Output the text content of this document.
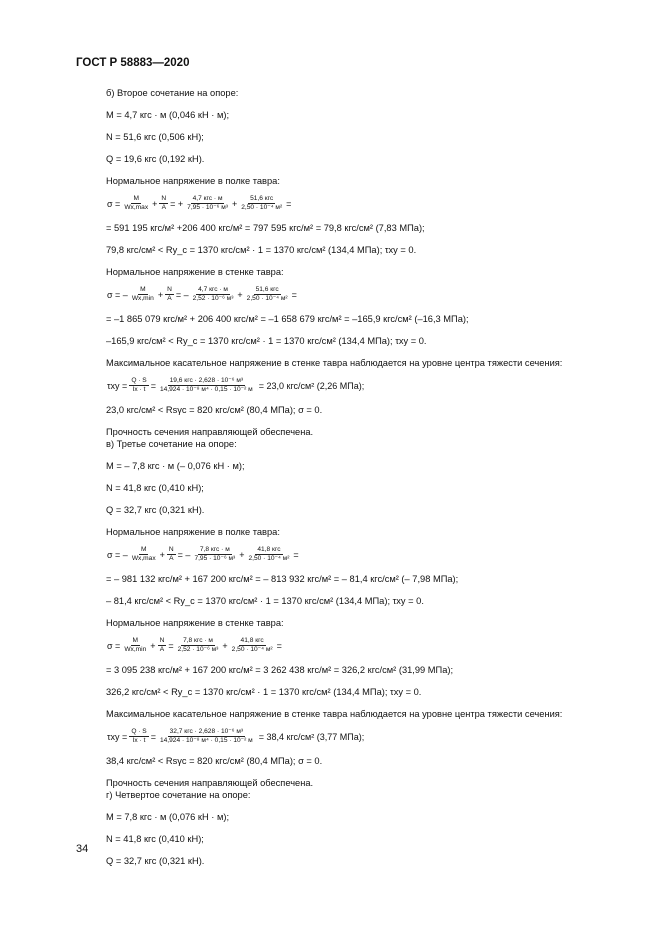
ГОСТ Р 58883—2020
б) Второе сочетание на опоре:
M = 4,7 кгс · м (0,046 кН · м);
N = 51,6 кгс (0,506 кН);
Q = 19,6 кгс (0,192 кН).
Нормальное напряжение в полке тавра:
$\sigma = \frac{M}{Wx,\max} + \frac{N}{A}$ = + $\frac{\text{4,7 кгс · м}}{\text{7,95 · 10⁻⁶ м³}} + \frac{\text{51,6 кгс}}{\text{2,50 · 10⁻⁴ м²}}$ =
= 591 195 кгс/м² +206 400 кгс/м² = 797 595 кгс/м² = 79,8 кгс/см² (7,83 МПа);
79,8 кгс/см² < Ry_c = 1370 кгс/см² · 1 = 1370 кгс/см² (134,4 МПа); τxy = 0.
Нормальное напряжение в стенке тавра:
σ = – $\frac{M}{Wx,\min} + \frac{N}{A}$ = – $\frac{\text{4,7 кгс · м}}{\text{2,52 · 10⁻⁶ м³}} + \frac{\text{51,6 кгс}}{\text{2,50 · 10⁻⁴ м²}}$ =
= –1 865 079 кгс/м² + 206 400 кгс/м² = –1 658 679 кгс/м² = –165,9 кгс/см² (–16,3 МПа);
–165,9 кгс/см² < Ry_c = 1370 кгс/см² · 1 = 1370 кгс/см² (134,4 МПа); τxy = 0.
Максимальное касательное напряжение в стенке тавра наблюдается на уровне центра тяжести сечения:
$\tau xy = \frac{Q \cdot S}{Ix \cdot t} = \frac{\text{19,6 кгс · 2,628 · 10⁻⁶ м³}}{\text{14,924 · 10⁻⁸ м⁴ · 0,15 · 10⁻² м}} = 23,0$ кгс/см² (2,26 МПа);
23,0 кгс/см² < Rsγc = 820 кгс/см² (80,4 МПа); σ = 0.
Прочность сечения направляющей обеспечена.
в) Третье сочетание на опоре:
M = – 7,8 кгс · м (– 0,076 кН · м);
N = 41,8 кгс (0,410 кН);
Q = 32,7 кгс (0,321 кН).
Нормальное напряжение в полке тавра:
σ = – $\frac{M}{Wx,\max} + \frac{N}{A}$ = – $\frac{\text{7,8 кгс · м}}{\text{7,95 · 10⁻⁶ м³}} + \frac{\text{41,8 кгс}}{\text{2,50 · 10⁻⁴ м²}}$ =
= – 981 132 кгс/м² + 167 200 кгс/м² = – 813 932 кгс/м² = – 81,4 кгс/см² (– 7,98 МПа);
– 81,4 кгс/см² < Ry_c = 1370 кгс/см² · 1 = 1370 кгс/см² (134,4 МПа); τxy = 0.
Нормальное напряжение в стенке тавра:
$\sigma = \frac{M}{Wx,\min} + \frac{N}{A} = \frac{\text{7,8 кгс · м}}{\text{2,52 · 10⁻⁶ м³}} + \frac{\text{41,8 кгс}}{\text{2,50 · 10⁻⁴ м²}}$ =
= 3 095 238 кгс/м² + 167 200 кгс/м² = 3 262 438 кгс/м² = 326,2 кгс/см² (31,99 МПа);
326,2 кгс/см² < Ry_c = 1370 кгс/см² · 1 = 1370 кгс/см² (134,4 МПа); τxy = 0.
Максимальное касательное напряжение в стенке тавра наблюдается на уровне центра тяжести сечения:
$\tau xy = \frac{Q \cdot S}{Ix \cdot t} = \frac{\text{32,7 кгс · 2,628 · 10⁻⁶ м³}}{\text{14,924 · 10⁻⁸ м⁴ · 0,15 · 10⁻² м}} = 38,4$ кгс/см² (3,77 МПа);
38,4 кгс/см² < Rsγc = 820 кгс/см² (80,4 МПа); σ = 0.
Прочность сечения направляющей обеспечена.
г) Четвертое сочетание на опоре:
M = 7,8 кгс · м (0,076 кН · м);
N = 41,8 кгс (0,410 кН);
Q = 32,7 кгс (0,321 кН).
34
